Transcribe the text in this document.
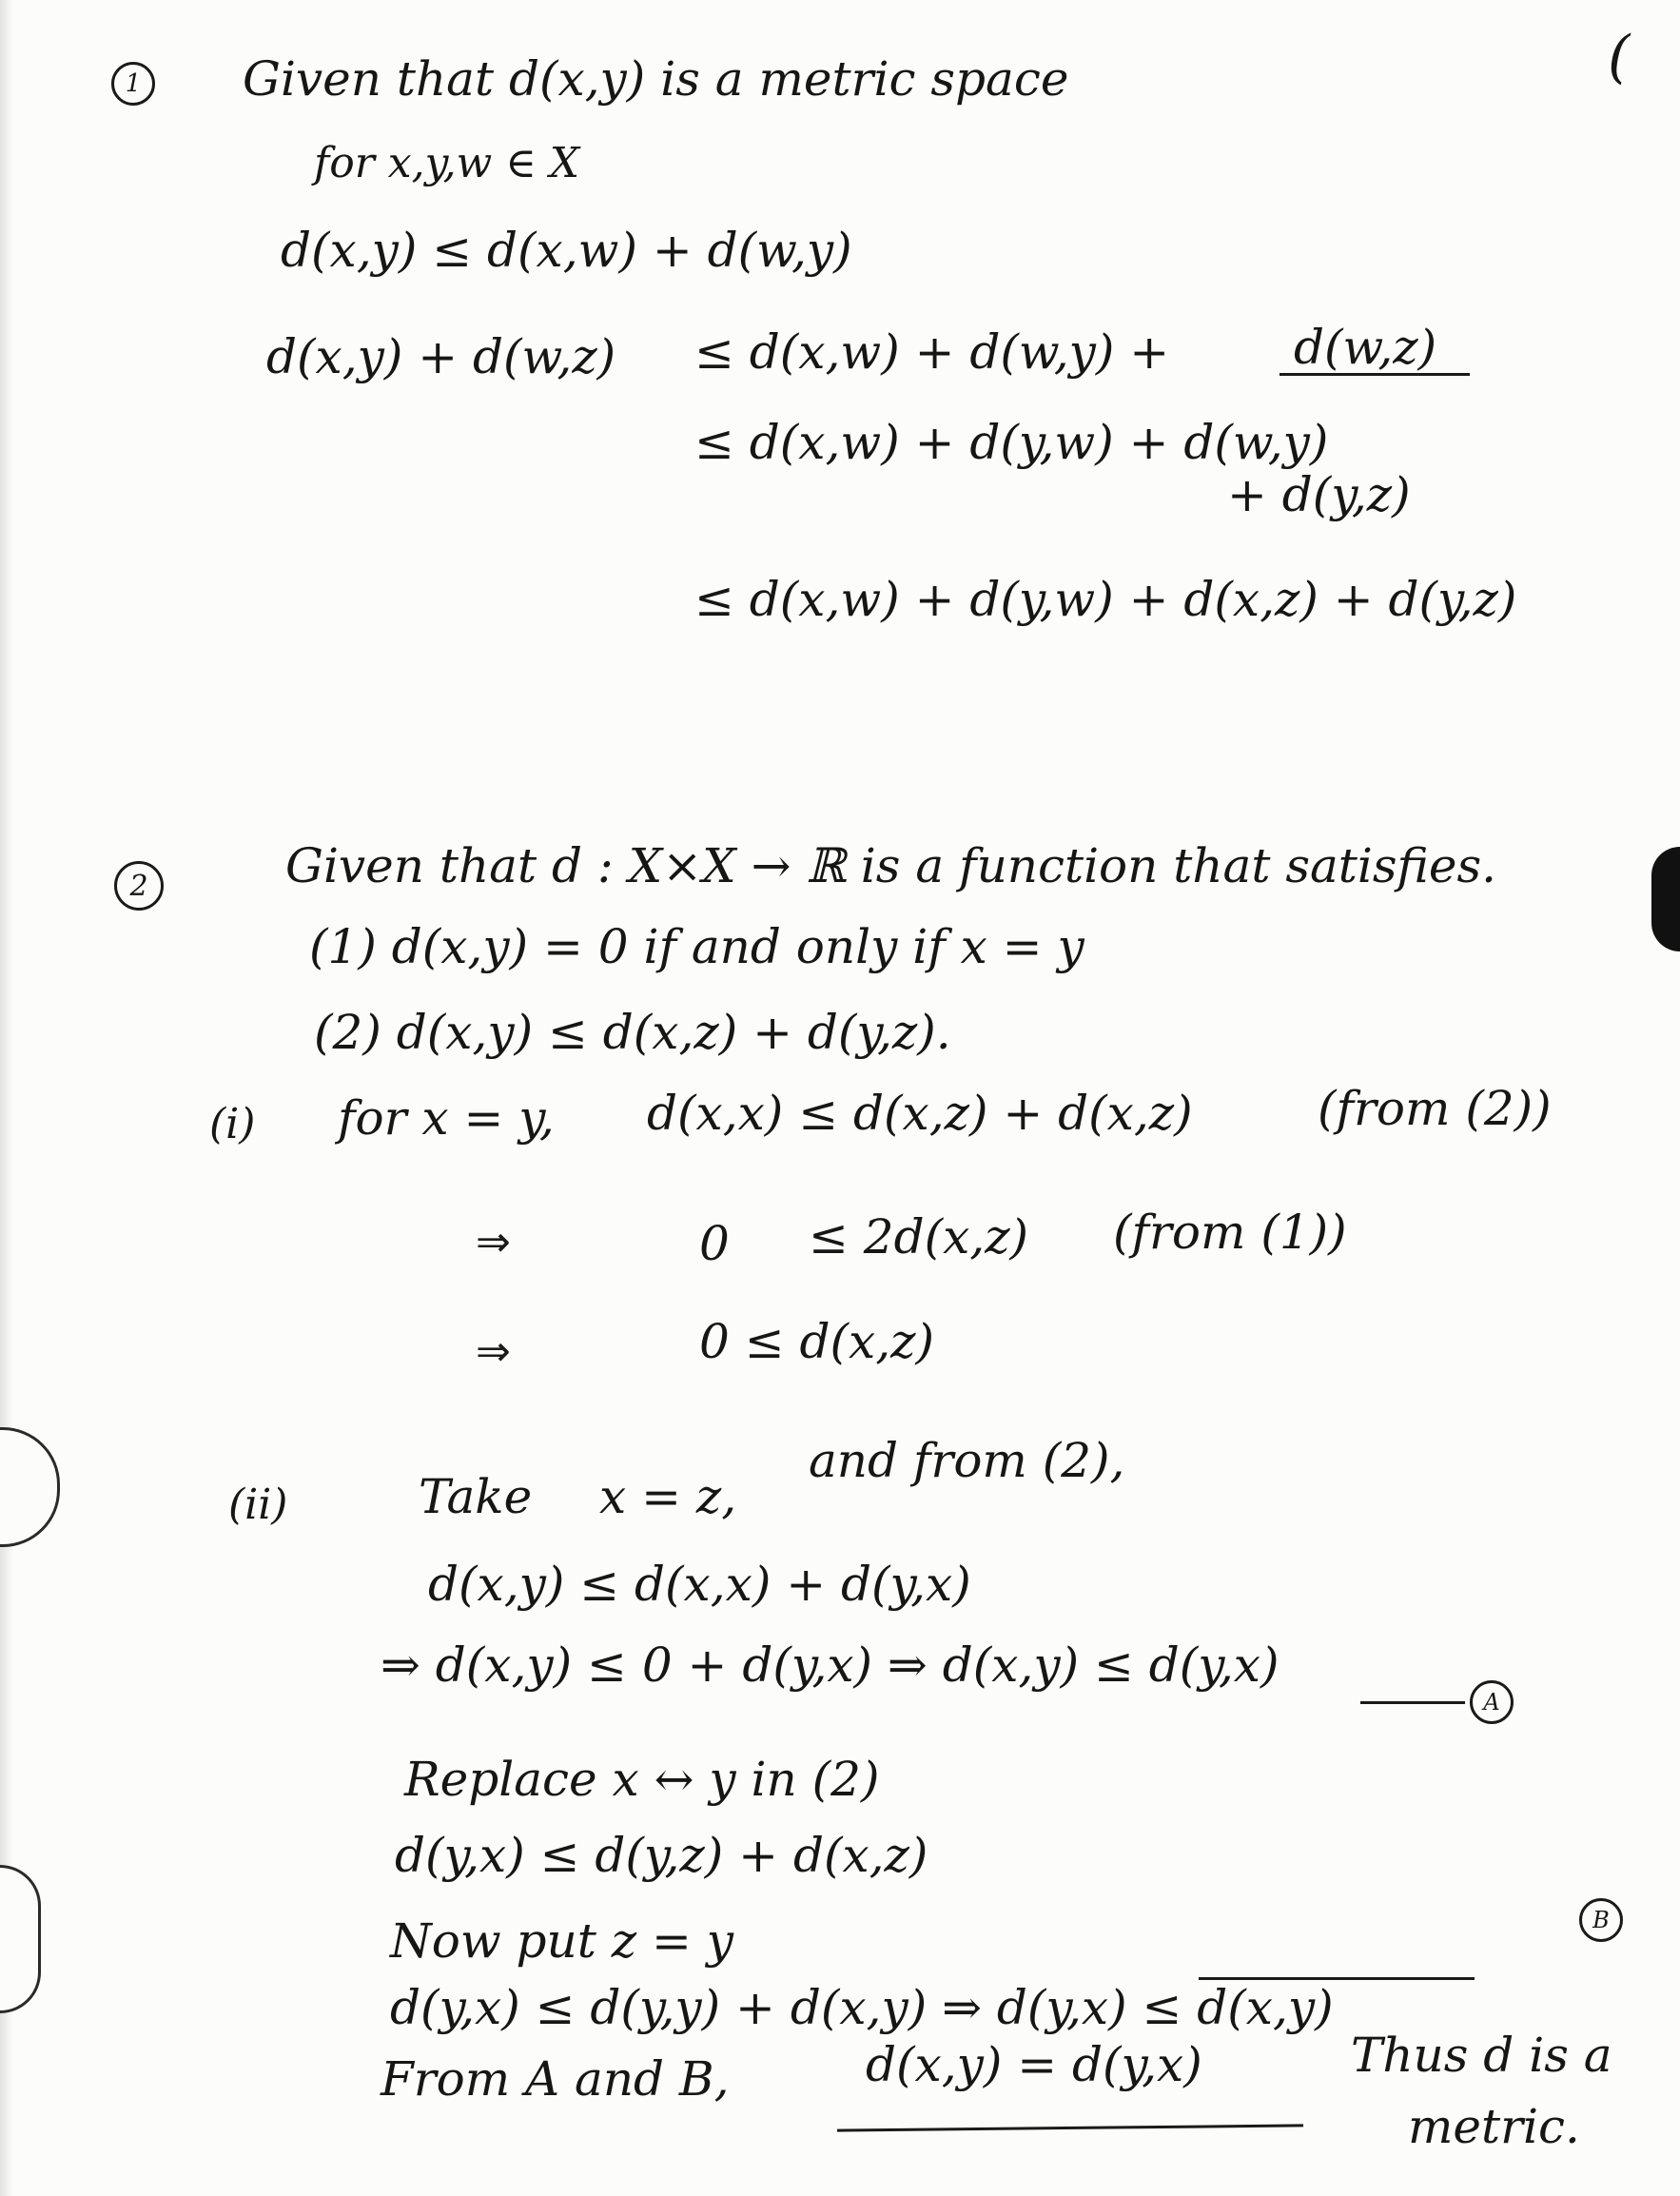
1	(
Given that d(x,y) is a metric space
for x,y,w ∈ X
d(x,y) ≤ d(x,w) + d(w,y)
d(x,y) + d(w,z) ≤ d(x,w) + d(w,y) +	d(w,z)
≤ d(x,w) + d(y,w) + d(w,y)
+ d(y,z)
≤ d(x,w) + d(y,w) + d(x,z) + d(y,z)
2	Given that d : X×X → ℝ is a function that satisfies.
(1) d(x,y) = 0 if and only if x = y
(2) d(x,y) ≤ d(x,z) + d(y,z).
(i) for x = y, d(x,x) ≤ d(x,z) + d(x,z)	(from (2))
⇒	0 ≤ 2d(x,z) (from (1))
⇒	0 ≤ d(x,z)
(ii)	Take x = z,
and from (2),
d(x,y) ≤ d(x,x) + d(y,x)
⇒ d(x,y) ≤ 0 + d(y,x) ⇒ d(x,y) ≤ d(y,x)
A
Replace x ↔ y in (2)
d(y,x) ≤ d(y,z) + d(x,z)
Now put z = y
d(y,x) ≤ d(y,y) + d(x,y) ⇒ d(y,x) ≤ d(x,y)
B
From A and B,	d(x,y) = d(y,x)	Thus d is a
metric.
